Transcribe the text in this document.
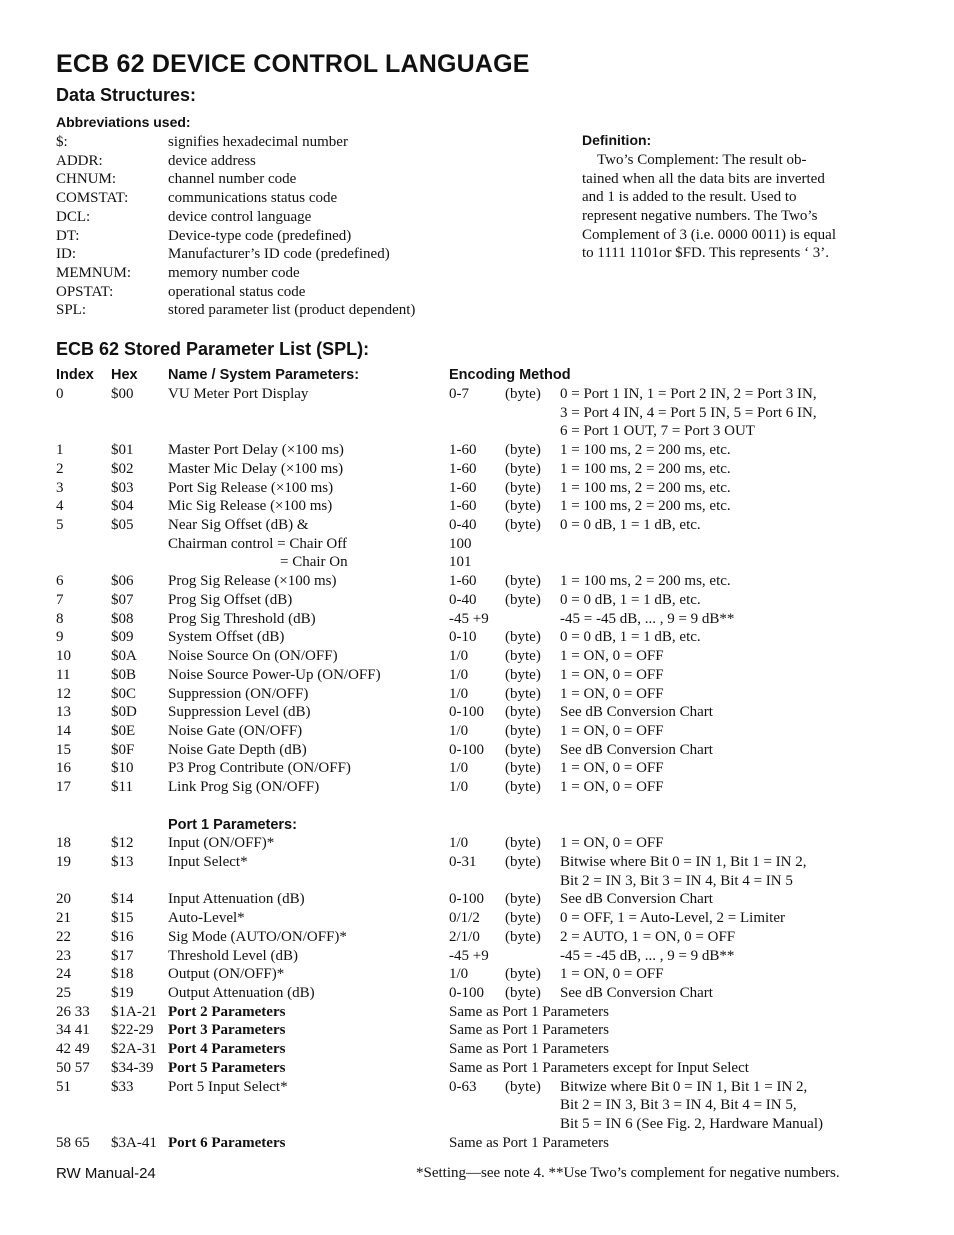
ECB 62 DEVICE CONTROL LANGUAGE
Data Structures:
Abbreviations used:
$:	signifies hexadecimal number
ADDR:	device address
CHNUM:	channel number code
COMSTAT:	communications status code
DCL:	device control language
DT:	Device-type code (predefined)
ID:	Manufacturer’s ID code (predefined)
MEMNUM: memory number code
OPSTAT:	operational status code
SPL:	stored parameter list (product dependent)
Definition:
 Two’s Complement: The result ob-
tained when all the data bits are inverted
and 1 is added to the result. Used to
represent negative numbers. The Two’s
Complement of 3 (i.e. 0000 0011) is equal
to 1111 1101or $FD. This represents ‘ 3’.
ECB 62 Stored Parameter List (SPL):
Index Hex Name / System Parameters:	Encoding Method
0	$00 VU Meter Port Display	0-7 (byte) 0 = Port 1 IN, 1 = Port 2 IN, 2 = Port 3 IN,
3 = Port 4 IN, 4 = Port 5 IN, 5 = Port 6 IN,
6 = Port 1 OUT, 7 = Port 3 OUT
1	$01 Master Port Delay (×100 ms)	1-60 (byte) 1 = 100 ms, 2 = 200 ms, etc.
2	$02 Master Mic Delay (×100 ms)	1-60 (byte) 1 = 100 ms, 2 = 200 ms, etc.
3	$03 Port Sig Release (×100 ms)	1-60 (byte) 1 = 100 ms, 2 = 200 ms, etc.
4	$04 Mic Sig Release (×100 ms)	1-60 (byte) 1 = 100 ms, 2 = 200 ms, etc.
5	$05 Near Sig Offset (dB) &	0-40 (byte) 0 = 0 dB, 1 = 1 dB, etc.
Chairman control = Chair Off	100
= Chair On	101
6	$06 Prog Sig Release (×100 ms)	1-60 (byte) 1 = 100 ms, 2 = 200 ms, etc.
7	$07 Prog Sig Offset (dB)	0-40 (byte) 0 = 0 dB, 1 = 1 dB, etc.
8	$08 Prog Sig Threshold (dB)	-45 +9	-45 = -45 dB, ... , 9 = 9 dB**
9	$09 System Offset (dB)	0-10 (byte) 0 = 0 dB, 1 = 1 dB, etc.
10	$0A Noise Source On (ON/OFF)	1/0 (byte) 1 = ON, 0 = OFF
11	$0B Noise Source Power-Up (ON/OFF)	1/0 (byte) 1 = ON, 0 = OFF
12	$0C Suppression (ON/OFF)	1/0 (byte) 1 = ON, 0 = OFF
13	$0D Suppression Level (dB)	0-100 (byte) See dB Conversion Chart
14	$0E Noise Gate (ON/OFF)	1/0 (byte) 1 = ON, 0 = OFF
15	$0F Noise Gate Depth (dB)	0-100 (byte) See dB Conversion Chart
16	$10 P3 Prog Contribute (ON/OFF)	1/0 (byte) 1 = ON, 0 = OFF
17	$11 Link Prog Sig (ON/OFF)	1/0 (byte) 1 = ON, 0 = OFF
Port 1 Parameters:
18	$12 Input (ON/OFF)*	1/0 (byte) 1 = ON, 0 = OFF
19	$13 Input Select*	0-31 (byte) Bitwise where Bit 0 = IN 1, Bit 1 = IN 2,
Bit 2 = IN 3, Bit 3 = IN 4, Bit 4 = IN 5
20	$14 Input Attenuation (dB)	0-100 (byte) See dB Conversion Chart
21	$15 Auto-Level*	0/1/2 (byte) 0 = OFF, 1 = Auto-Level, 2 = Limiter
22	$16 Sig Mode (AUTO/ON/OFF)*	2/1/0 (byte) 2 = AUTO, 1 = ON, 0 = OFF
23	$17 Threshold Level (dB)	-45 +9	-45 = -45 dB, ... , 9 = 9 dB**
24	$18 Output (ON/OFF)*	1/0 (byte) 1 = ON, 0 = OFF
25	$19 Output Attenuation (dB)	0-100 (byte) See dB Conversion Chart
26 33 $1A-21 Port 2 Parameters	Same as Port 1 Parameters
34 41 $22-29 Port 3 Parameters	Same as Port 1 Parameters
42 49 $2A-31 Port 4 Parameters	Same as Port 1 Parameters
50 57 $34-39 Port 5 Parameters	Same as Port 1 Parameters except for Input Select
51	$33 Port 5 Input Select*	0-63 (byte) Bitwize where Bit 0 = IN 1, Bit 1 = IN 2,
Bit 2 = IN 3, Bit 3 = IN 4, Bit 4 = IN 5,
Bit 5 = IN 6 (See Fig. 2, Hardware Manual)
58 65 $3A-41 Port 6 Parameters	Same as Port 1 Parameters
RW Manual-24	*Setting—see note 4. **Use Two’s complement for negative numbers.
